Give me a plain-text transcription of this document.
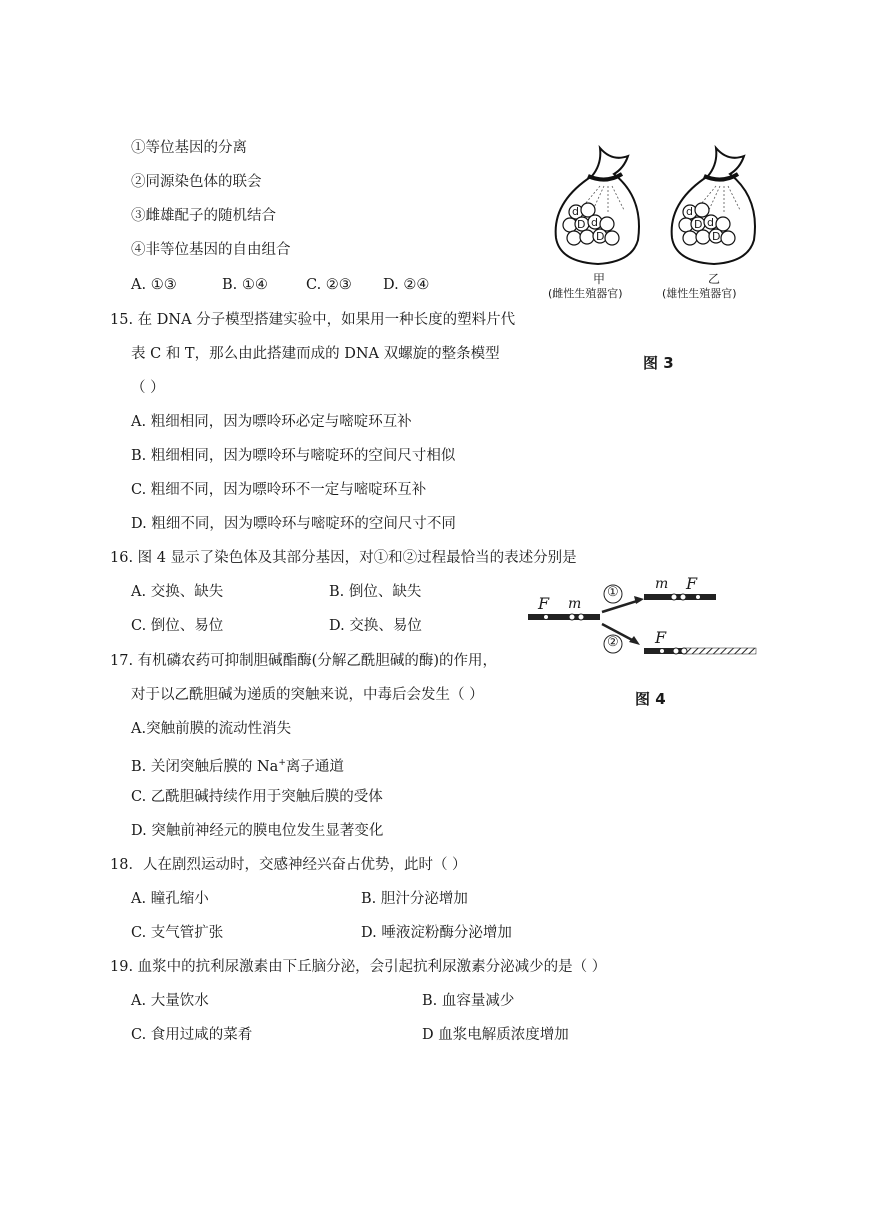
①等位基因的分离
②同源染色体的联会
③雌雄配子的随机结合
④非等位基因的自由组合
A. ①③	B. ①④	C. ②③ D. ②④
d
D d
D
d
D d
D
甲
(雌性生殖器官)
乙
(雄性生殖器官)
图 3
15. 在 DNA 分子模型搭建实验中，如果用一种长度的塑料片代
表 C 和 T，那么由此搭建而成的 DNA 双螺旋的整条模型
（ ）
A. 粗细相同，因为嘌呤环必定与嘧啶环互补
B. 粗细相同，因为嘌呤环与嘧啶环的空间尺寸相似
C. 粗细不同，因为嘌呤环不一定与嘧啶环互补
D. 粗细不同，因为嘌呤环与嘧啶环的空间尺寸不同
16. 图 4 显示了染色体及其部分基因，对①和②过程最恰当的表述分别是
A. 交换、缺失	B. 倒位、缺失
C. 倒位、易位	D. 交换、易位
F m
①
②
m F
F
图 4
17. 有机磷农药可抑制胆碱酯酶(分解乙酰胆碱的酶)的作用，
对于以乙酰胆碱为递质的突触来说，中毒后会发生（ ）
A.突触前膜的流动性消失
B. 关闭突触后膜的 Na+离子通道
C. 乙酰胆碱持续作用于突触后膜的受体
D. 突触前神经元的膜电位发生显著变化
18．人在剧烈运动时，交感神经兴奋占优势，此时（ ）
A. 瞳孔缩小	B. 胆汁分泌增加
C. 支气管扩张	D. 唾液淀粉酶分泌增加
19. 血浆中的抗利尿激素由下丘脑分泌，会引起抗利尿激素分泌减少的是（ ）
A. 大量饮水	B. 血容量减少
C. 食用过咸的菜肴	D 血浆电解质浓度增加
